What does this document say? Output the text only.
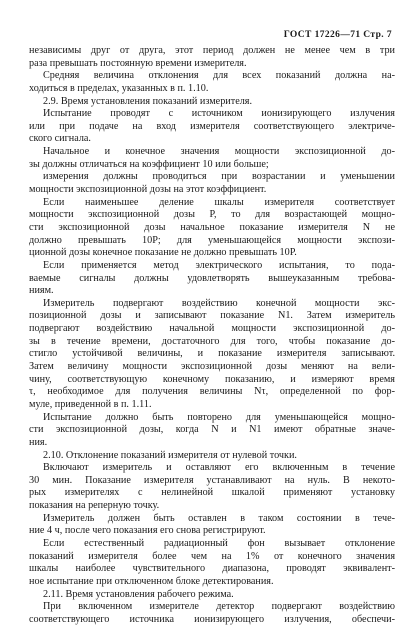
ГОСТ 17226—71 Стр. 7
независимы друг от друга, этот период должен не менее чем в три
раза превышать постоянную времени измерителя.
Средняя величина отклонения для всех показаний должна на-
ходиться в пределах, указанных в п. 1.10.
2.9. Время установления показаний измерителя.
Испытание проводят с источником ионизирующего излучения
или при подаче на вход измерителя соответствующего электриче-
ского сигнала.
Начальное и конечное значения мощности экспозиционной до-
зы должны отличаться на коэффициент 10 или больше;
измерения должны проводиться при возрастании и уменьшении
мощности экспозиционной дозы на этот коэффициент.
Если наименьшее деление шкалы измерителя соответствует
мощности экспозиционной дозы P, то для возрастающей мощно-
сти экспозиционной дозы начальное показание измерителя N не
должно превышать 10P; для уменьшающейся мощности экспози-
ционной дозы конечное показание не должно превышать 10P.
Если применяется метод электрического испытания, то пода-
ваемые сигналы должны удовлетворять вышеуказанным требова-
ниям.
Измеритель подвергают воздействию конечной мощности экс-
позиционной дозы и записывают показание N1. Затем измеритель
подвергают воздействию начальной мощности экспозиционной до-
зы в течение времени, достаточного для того, чтобы показание до-
стигло устойчивой величины, и показание измерителя записывают.
Затем величину мощности экспозиционной дозы меняют на вели-
чину, соответствующую конечному показанию, и измеряют время
τ, необходимое для получения величины Nτ, определенной по фор-
муле, приведенной в п. 1.11.
Испытание должно быть повторено для уменьшающейся мощно-
сти экспозиционной дозы, когда N и N1 имеют обратные значе-
ния.
2.10. Отклонение показаний измерителя от нулевой точки.
Включают измеритель и оставляют его включенным в течение
30 мин. Показание измерителя устанавливают на нуль. В некото-
рых измерителях с нелинейной шкалой применяют установку
показания на реперную точку.
Измеритель должен быть оставлен в таком состоянии в тече-
ние 4 ч, после чего показания его снова регистрируют.
Если естественный радиационный фон вызывает отклонение
показаний измерителя более чем на 1% от конечного значения
шкалы наиболее чувствительного диапазона, проводят эквивалент-
ное испытание при отключенном блоке детектирования.
2.11. Время установления рабочего режима.
При включенном измерителе детектор подвергают воздействию
соответствующего источника ионизирующего излучения, обеспечи-
